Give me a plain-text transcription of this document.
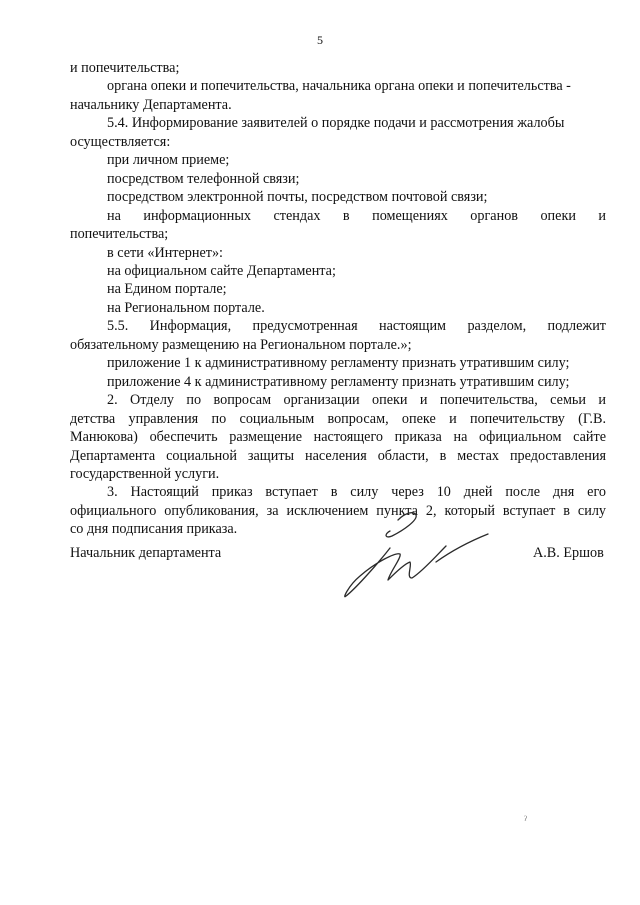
5

и попечительства;

органа опеки и попечительства, начальника органа опеки и попечительства -

начальнику Департамента.

5.4. Информирование заявителей о порядке подачи и рассмотрения жалобы

осуществляется:

при личном приеме;

посредством телефонной связи;

посредством электронной почты, посредством почтовой связи;

на информационных стендах в помещениях органов опеки и

попечительства;

в сети «Интернет»:

на официальном сайте Департамента;

на Едином портале;

на Региональном портале.

5.5. Информация, предусмотренная настоящим разделом, подлежит

обязательному размещению на Региональном портале.»;

приложение 1 к административному регламенту признать утратившим силу;

приложение 4 к административному регламенту признать утратившим силу;

2. Отделу по вопросам организации опеки и попечительства, семьи и

детства управления по социальным вопросам, опеке и попечительству (Г.В.

Манюкова) обеспечить размещение настоящего приказа на официальном сайте

Департамента социальной защиты населения области, в местах предоставления

государственной услуги.

3. Настоящий приказ вступает в силу через 10 дней после дня его

официального опубликования, за исключением пункта 2, который вступает в силу

со дня подписания приказа.

Начальник департамента	А.В. Ершов
ˀ
